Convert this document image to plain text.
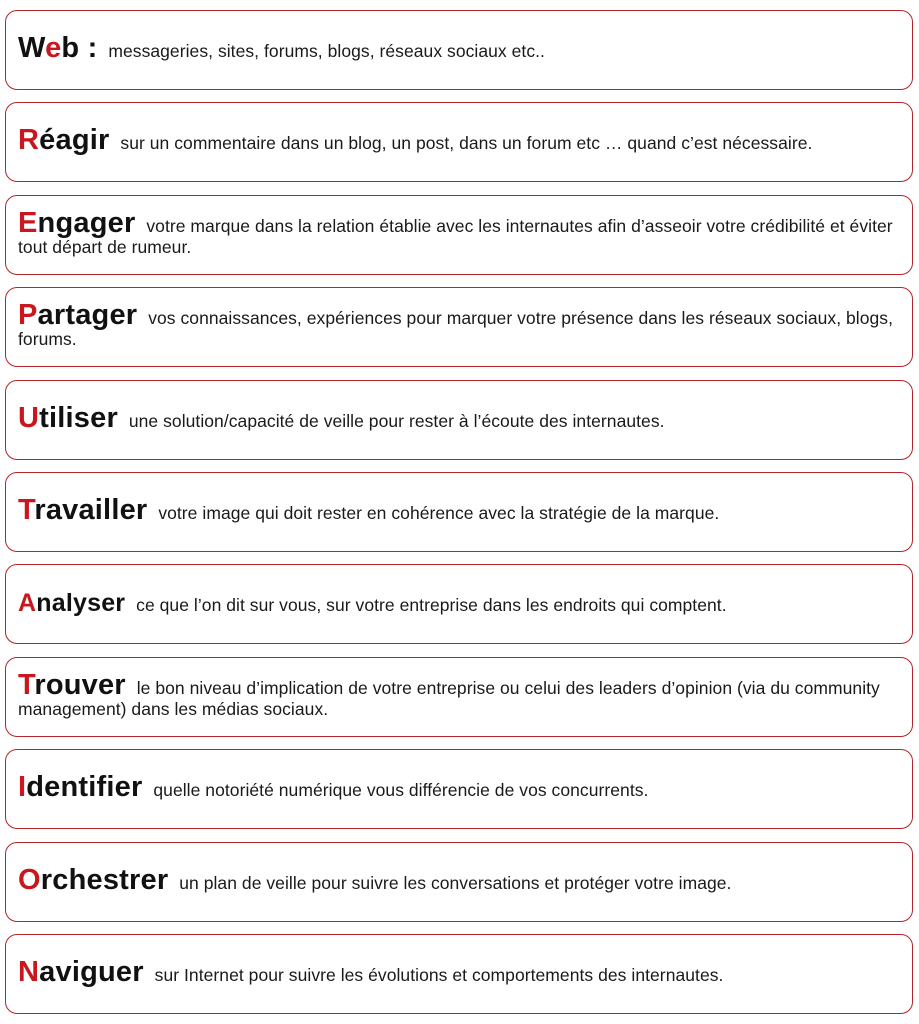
Web : messageries, sites, forums, blogs, réseaux sociaux etc..

Réagir sur un commentaire dans un blog, un post, dans un forum etc … quand c’est nécessaire.

Engager votre marque dans la relation établie avec les internautes afin d’asseoir votre crédibilité et éviter tout départ de rumeur.

Partager vos connaissances, expériences pour marquer votre présence dans les réseaux sociaux, blogs, forums.

Utiliser une solution/capacité de veille pour rester à l’écoute des internautes.

Travailler votre image qui doit rester en cohérence avec la stratégie de la marque.

Analyser ce que l’on dit sur vous, sur votre entreprise dans les endroits qui comptent.

Trouver le bon niveau d’implication de votre entreprise ou celui des leaders d’opinion (via du community management) dans les médias sociaux.

Identifier quelle notoriété numérique vous différencie de vos concurrents.

Orchestrer un plan de veille pour suivre les conversations et protéger votre image.

Naviguer sur Internet pour suivre les évolutions et comportements des internautes.
